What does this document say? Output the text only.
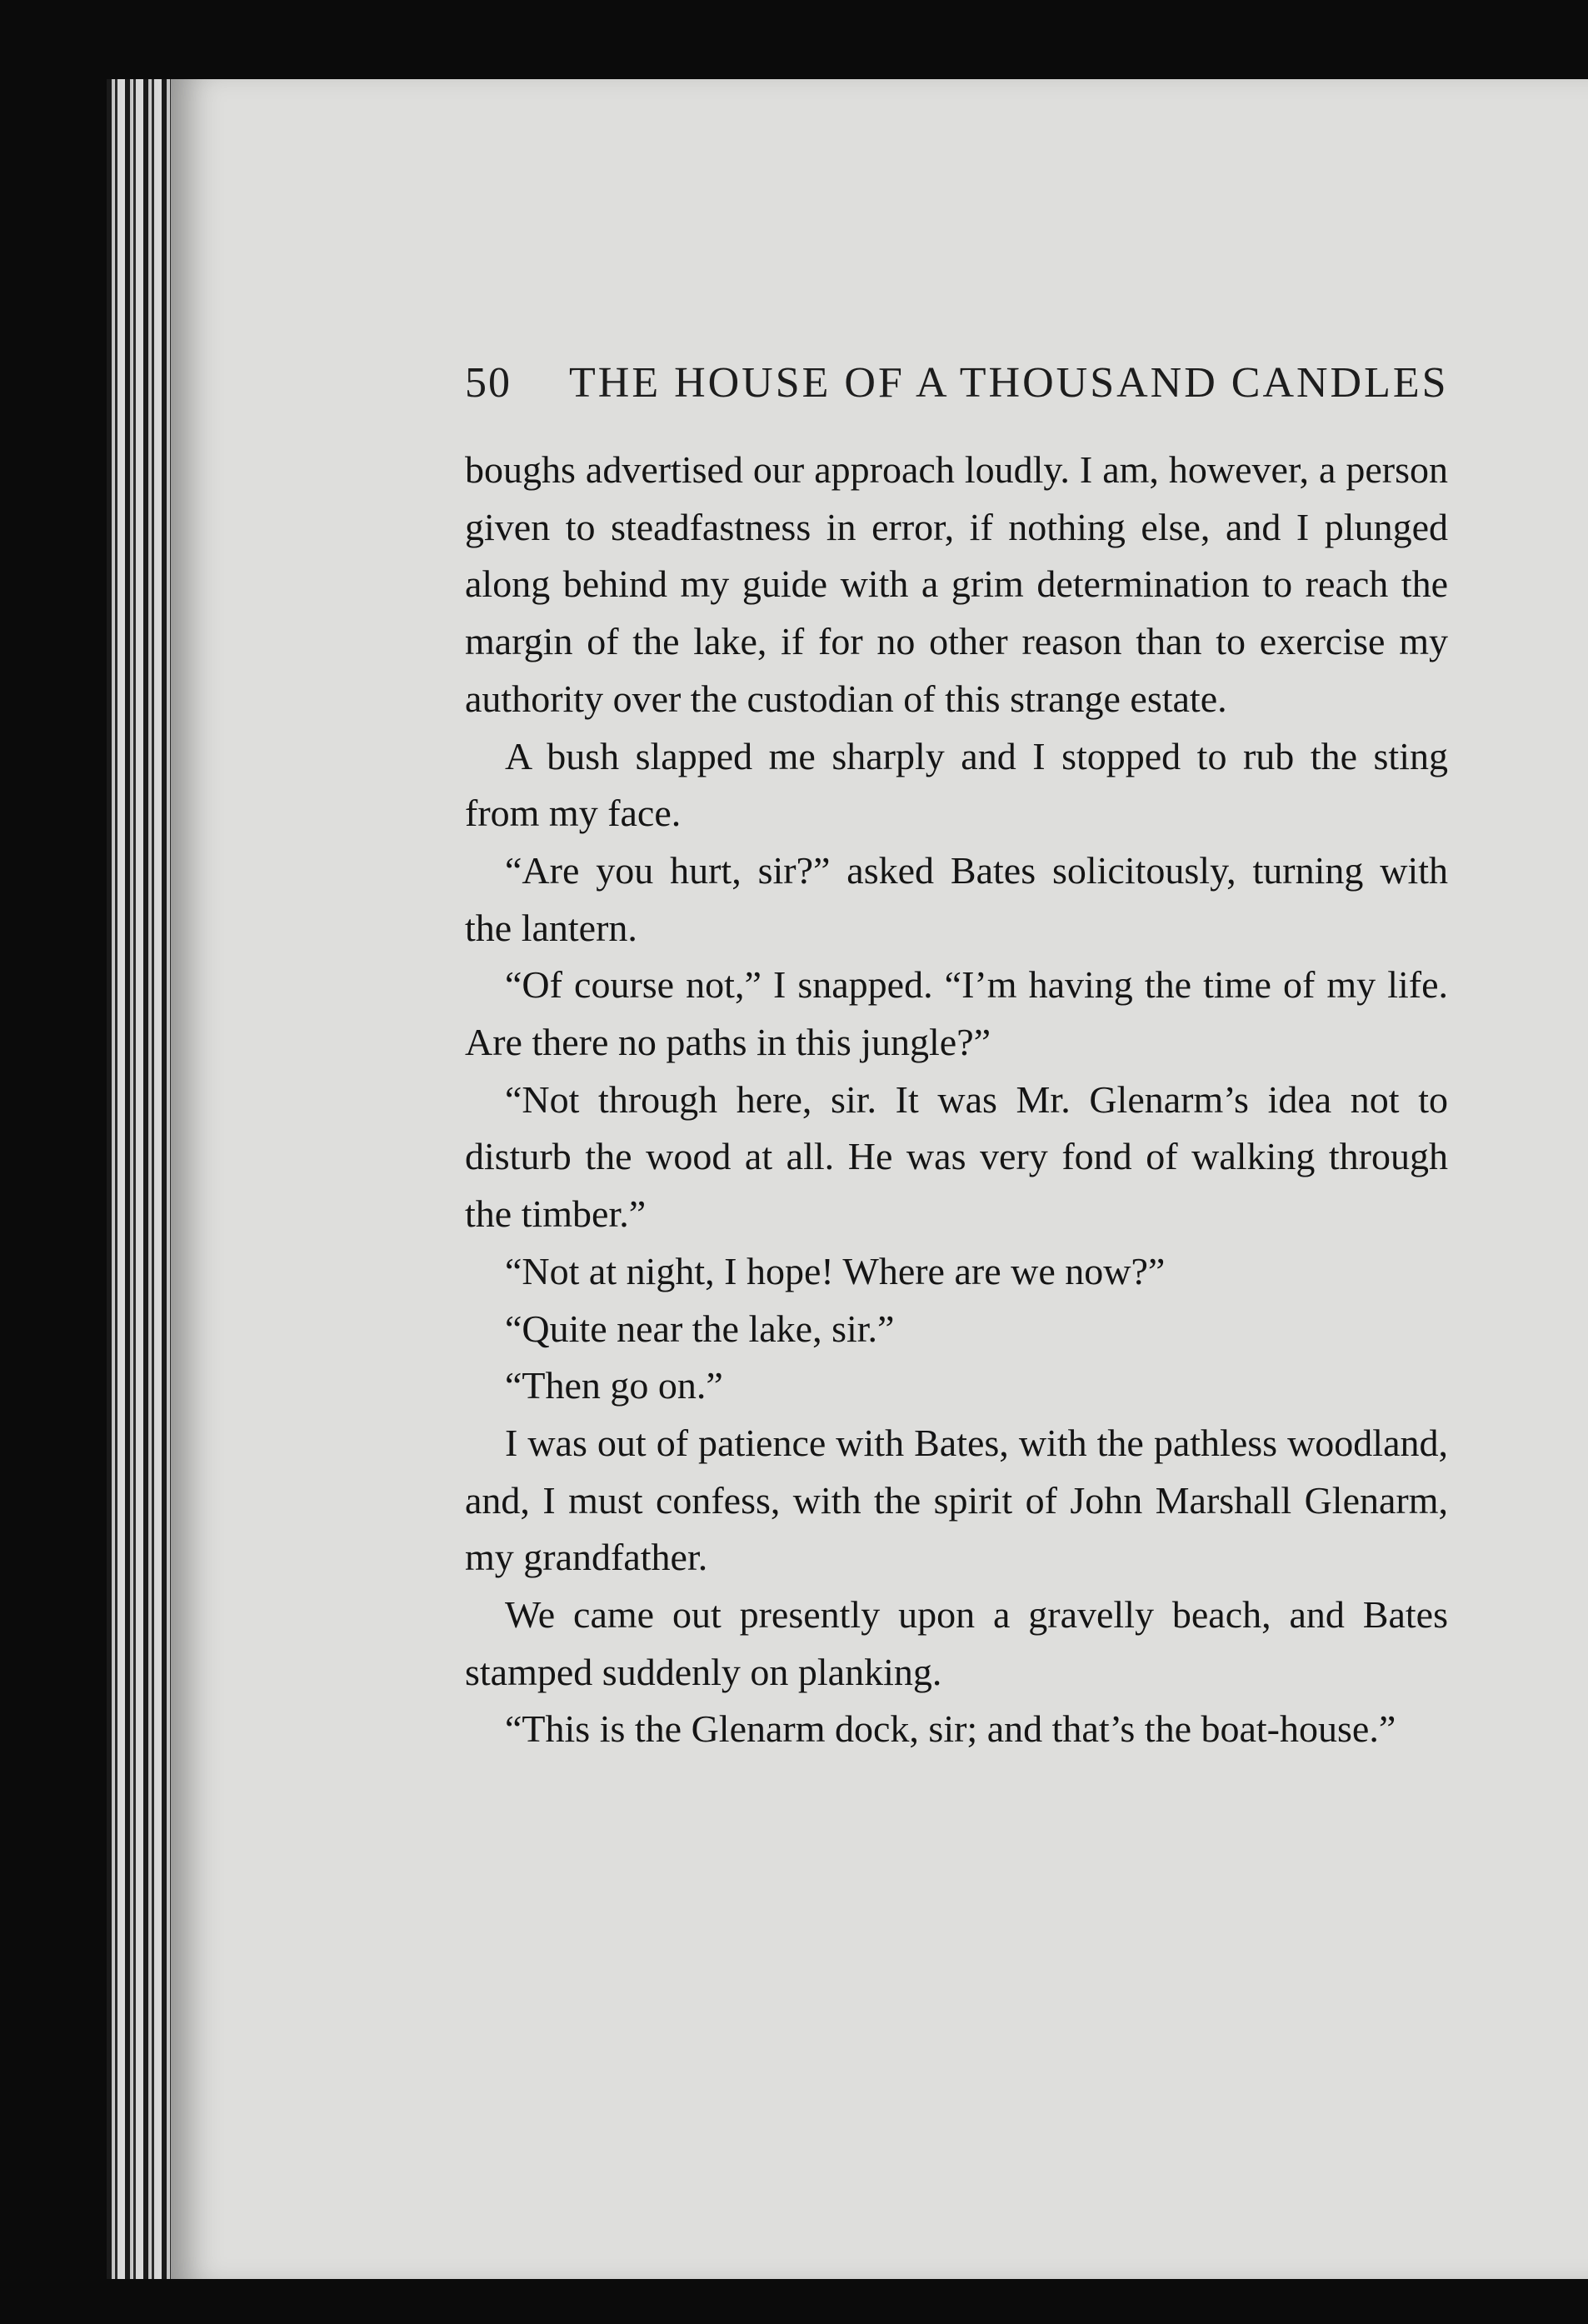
50 THE HOUSE OF A THOUSAND CANDLES

boughs advertised our approach loudly. I am, however, a person given to steadfastness in error, if nothing else, and I plunged along behind my guide with a grim determination to reach the margin of the lake, if for no other reason than to exercise my authority over the custodian of this strange estate.

A bush slapped me sharply and I stopped to rub the sting from my face.

“Are you hurt, sir?” asked Bates solicitously, turning with the lantern.

“Of course not,” I snapped. “I’m having the time of my life. Are there no paths in this jungle?”

“Not through here, sir. It was Mr. Glenarm’s idea not to disturb the wood at all. He was very fond of walking through the timber.”

“Not at night, I hope! Where are we now?”

“Quite near the lake, sir.”

“Then go on.”

I was out of patience with Bates, with the pathless woodland, and, I must confess, with the spirit of John Marshall Glenarm, my grandfather.

We came out presently upon a gravelly beach, and Bates stamped suddenly on planking.

“This is the Glenarm dock, sir; and that’s the boat-house.”
